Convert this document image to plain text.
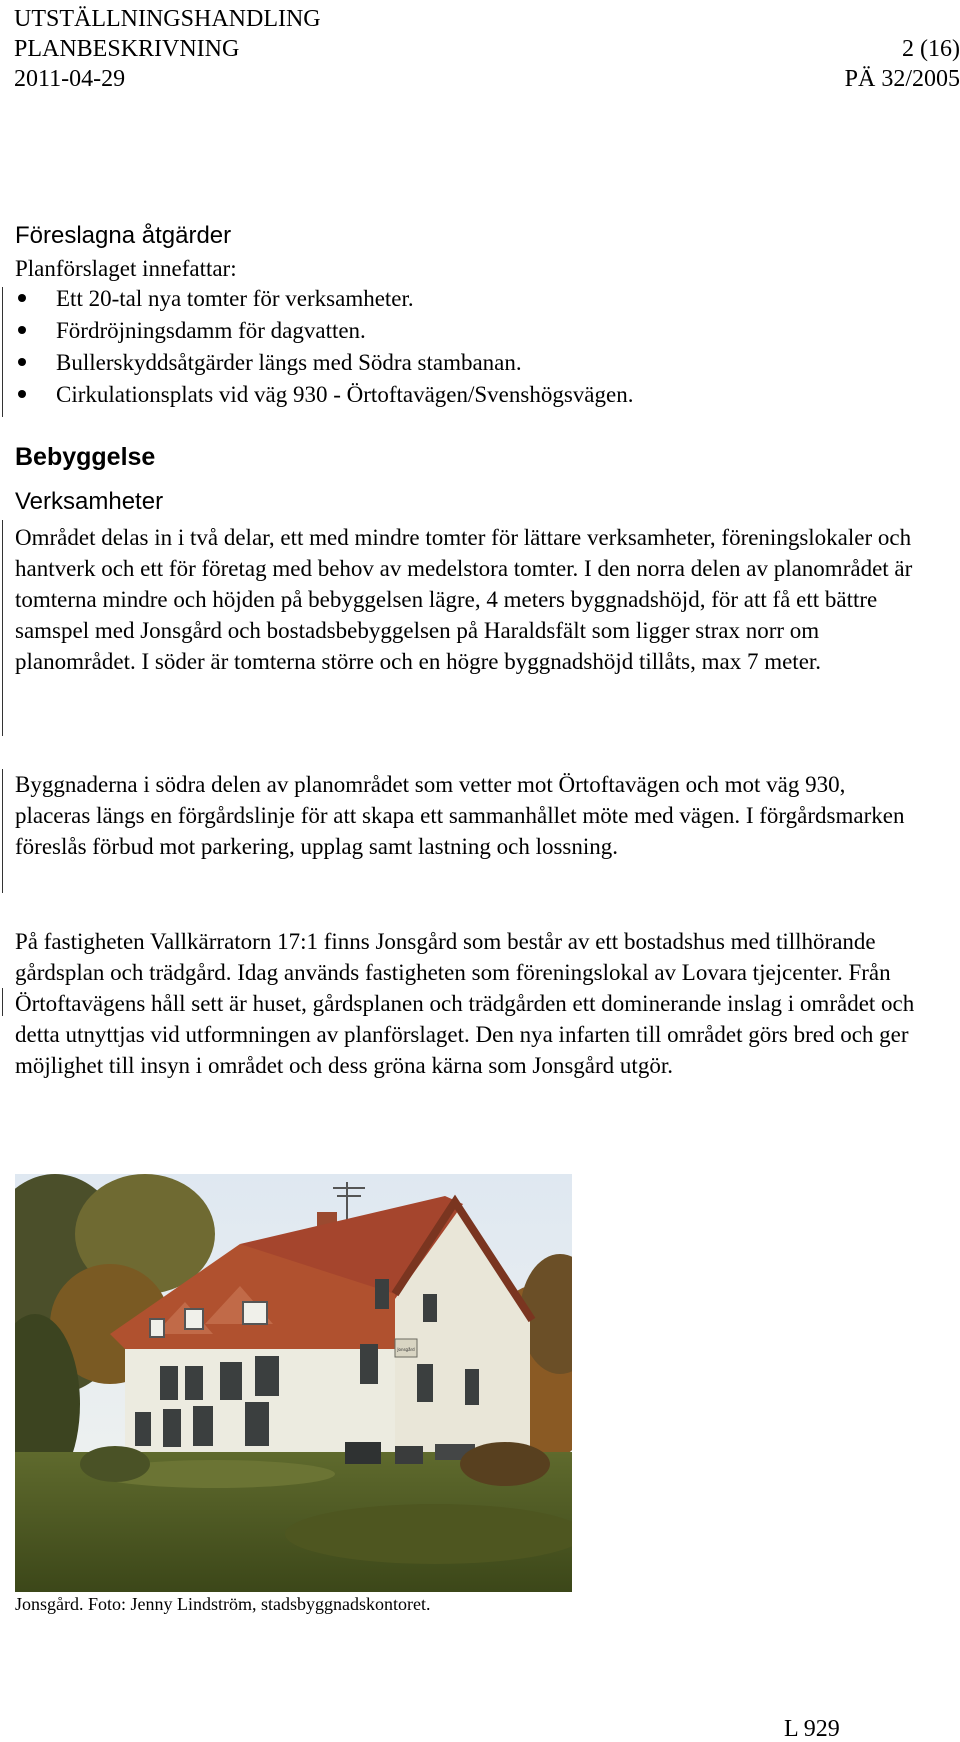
UTSTÄLLNINGSHANDLING
PLANBESKRIVNING	2 (16)
2011-04-29	PÄ 32/2005
Föreslagna åtgärder
Planförslaget innefattar:
Ett 20-tal nya tomter för verksamheter.
Fördröjningsdamm för dagvatten.
Bullerskyddsåtgärder längs med Södra stambanan.
Cirkulationsplats vid väg 930 - Örtoftavägen/Svenshögsvägen.
Bebyggelse
Verksamheter

Området delas in i två delar, ett med mindre tomter för lättare verksamheter, föreningslokaler och hantverk och ett för företag med behov av medelstora tomter. I den norra delen av planområdet är tomterna mindre och höjden på bebyggelsen lägre, 4 meters byggnadshöjd, för att få ett bättre samspel med Jonsgård och bostadsbebyggelsen på Haraldsfält som ligger strax norr om planområdet. I söder är tomterna större och en högre byggnadshöjd tillåts, max 7 meter.

Byggnaderna i södra delen av planområdet som vetter mot Örtoftavägen och mot väg 930, placeras längs en förgårdslinje för att skapa ett sammanhållet möte med vägen. I förgårdsmarken föreslås förbud mot parkering, upplag samt lastning och lossning.

På fastigheten Vallkärratorn 17:1 finns Jonsgård som består av ett bostadshus med tillhörande gårdsplan och trädgård. Idag används fastigheten som föreningslokal av Lovara tjejcenter. Från Örtoftavägens håll sett är huset, gårdsplanen och trädgården ett dominerande inslag i området och detta utnyttjas vid utformningen av planförslaget. Den nya infarten till området görs bred och ger möjlighet till insyn i området och dess gröna kärna som Jonsgård utgör.

Jonsgård
Jonsgård. Foto: Jenny Lindström, stadsbyggnadskontoret.
L 929
